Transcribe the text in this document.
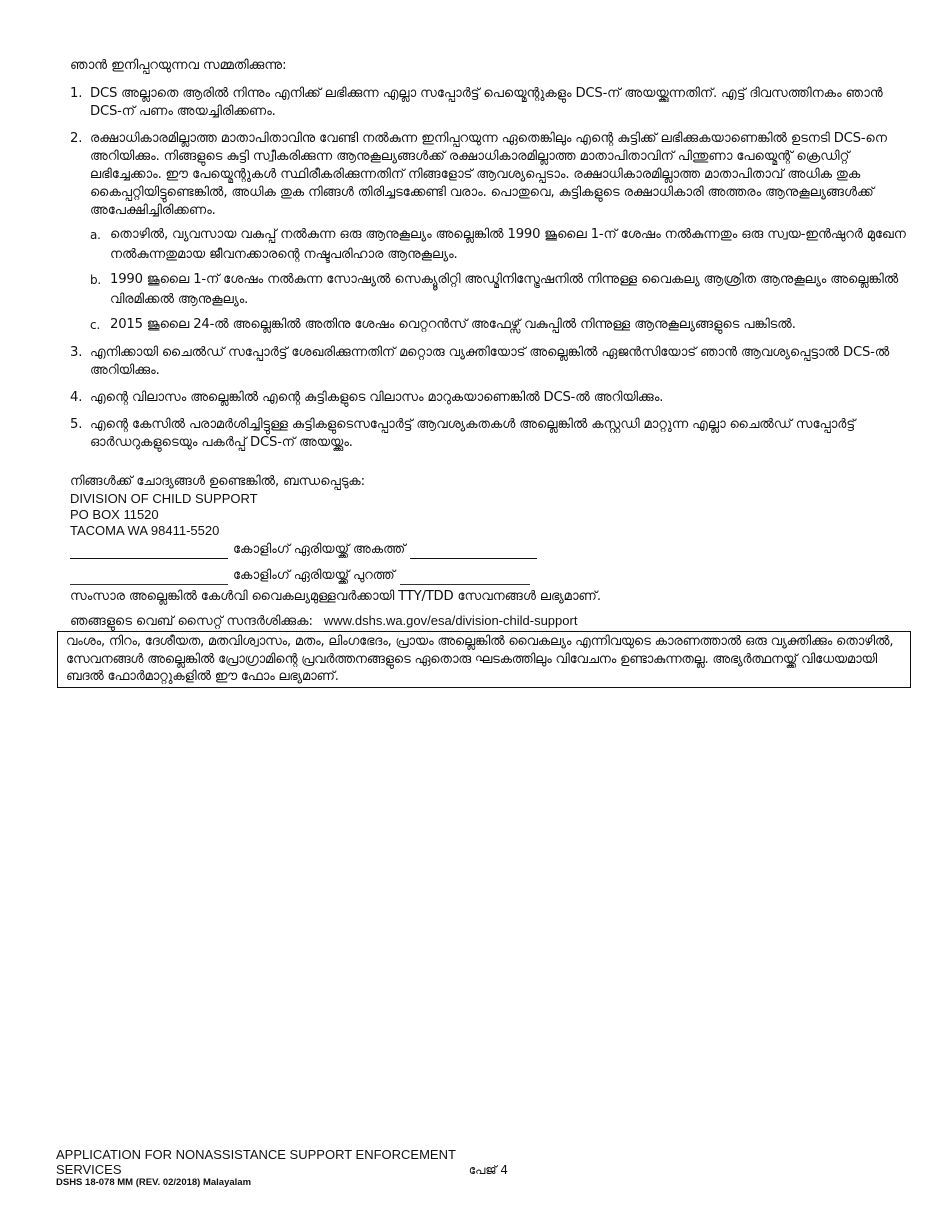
ഞാൻ ഇനിപ്പറയുന്നവ സമ്മതിക്കുന്നു:
1. DCS അല്ലാതെ ആരിൽ നിന്നും എനിക്ക് ലഭിക്കുന്ന എല്ലാ സപ്പോർട്ട് പെയ്മെന്റുകളും DCS-ന് അയയ്ക്കുന്നതിന്. എട്ട് ദിവസത്തിനകം ഞാൻ DCS-ന് പണം അയച്ചിരിക്കണം.
2. രക്ഷാധികാരമില്ലാത്ത മാതാപിതാവിനു വേണ്ടി നൽകുന്ന ഇനിപ്പറയുന്ന ഏതെങ്കിലും എന്റെ കുട്ടിക്ക് ലഭിക്കുകയാണെങ്കിൽ ഉടനടി DCS-നെ അറിയിക്കും. നിങ്ങളുടെ കുട്ടി സ്വീകരിക്കുന്ന ആനുകൂല്യങ്ങൾക്ക് രക്ഷാധികാരമില്ലാത്ത മാതാപിതാവിന് പിന്തുണാ പേയ്മെന്റ് ക്രെഡിറ്റ് ലഭിച്ചേക്കാം. ഈ പേയ്മെന്റുകൾ സ്ഥിരീകരിക്കുന്നതിന് നിങ്ങളോട് ആവശ്യപ്പെടാം. രക്ഷാധികാരമില്ലാത്ത മാതാപിതാവ് അധിക തുക കൈപ്പറ്റിയിട്ടുണ്ടെങ്കിൽ, അധിക തുക നിങ്ങൾ തിരിച്ചടക്കേണ്ടി വരാം. പൊതുവെ, കുട്ടികളുടെ രക്ഷാധികാരി അത്തരം ആനുകൂല്യങ്ങൾക്ക് അപേക്ഷിച്ചിരിക്കണം.
a. തൊഴിൽ, വ്യവസായ വകുപ്പ് നൽകുന്ന ഒരു ആനുകൂല്യം അല്ലെങ്കിൽ 1990 ജൂലൈ 1-ന് ശേഷം നൽകുന്നതും ഒരു സ്വയ-ഇൻഷുറർ മുഖേന നൽകുന്നതുമായ ജീവനക്കാരന്റെ നഷ്ടപരിഹാര ആനുകൂല്യം.
b. 1990 ജൂലൈ 1-ന് ശേഷം നൽകുന്ന സോഷ്യൽ സെക്യൂരിറ്റി അഡ്മിനിസ്ട്രേഷനിൽ നിന്നുള്ള വൈകല്യ ആശ്രിത ആനുകൂല്യം അല്ലെങ്കിൽ വിരമിക്കൽ ആനുകൂല്യം.
c. 2015 ജൂലൈ 24-ൽ അല്ലെങ്കിൽ അതിനു ശേഷം വെറ്ററൻസ് അഫേഴ്സ് വകുപ്പിൽ നിന്നുള്ള ആനുകൂല്യങ്ങളുടെ പങ്കിടൽ.
3. എനിക്കായി ചൈൽഡ് സപ്പോർട്ട് ശേഖരിക്കുന്നതിന് മറ്റൊരു വ്യക്തിയോട് അല്ലെങ്കിൽ ഏജൻസിയോട് ഞാൻ ആവശ്യപ്പെട്ടാൽ DCS-ൽ അറിയിക്കും.
4. എന്റെ വിലാസം അല്ലെങ്കിൽ എന്റെ കുട്ടികളുടെ വിലാസം മാറുകയാണെങ്കിൽ DCS-ൽ അറിയിക്കും.
5. എന്റെ കേസിൽ പരാമർശിച്ചിട്ടുള്ള കുട്ടികളുടെസപ്പോർട്ട് ആവശ്യകതകൾ അല്ലെങ്കിൽ കസ്റ്റഡി മാറ്റുന്ന എല്ലാ ചൈൽഡ് സപ്പോർട്ട് ഓർഡറുകളുടെയും പകർപ്പ് DCS-ന് അയയ്ക്കും.
നിങ്ങൾക്ക് ചോദ്യങ്ങൾ ഉണ്ടെങ്കിൽ, ബന്ധപ്പെടുക:
DIVISION OF CHILD SUPPORT
PO BOX 11520
TACOMA WA 98411-5520
കോളിംഗ് ഏരിയയ്ക്ക് അകത്ത്
കോളിംഗ് ഏരിയയ്ക്ക് പുറത്ത്
സംസാര അല്ലെങ്കിൽ കേൾവി വൈകല്യമുള്ളവർക്കായി TTY/TDD സേവനങ്ങൾ ലഭ്യമാണ്.
ഞങ്ങളുടെ വെബ് സൈറ്റ് സന്ദർശിക്കുക: www.dshs.wa.gov/esa/division-child-support
വംശം, നിറം, ദേശീയത, മതവിശ്വാസം, മതം, ലിംഗഭേദം, പ്രായം അല്ലെങ്കിൽ വൈകല്യം എന്നിവയുടെ കാരണത്താൽ ഒരു വ്യക്തിക്കും തൊഴിൽ, സേവനങ്ങൾ അല്ലെങ്കിൽ പ്രോഗ്രാമിന്റെ പ്രവർത്തനങ്ങളുടെ ഏതൊരു ഘടകത്തിലും വിവേചനം ഉണ്ടാകുന്നതല്ല. അഭ്യർത്ഥനയ്ക്ക് വിധേയമായി ബദൽ ഫോർമാറ്റുകളിൽ ഈ ഫോം ലഭ്യമാണ്.
APPLICATION FOR NONASSISTANCE SUPPORT ENFORCEMENT SERVICES
DSHS 18-078 MM (REV. 02/2018) Malayalam
പേജ് 4
